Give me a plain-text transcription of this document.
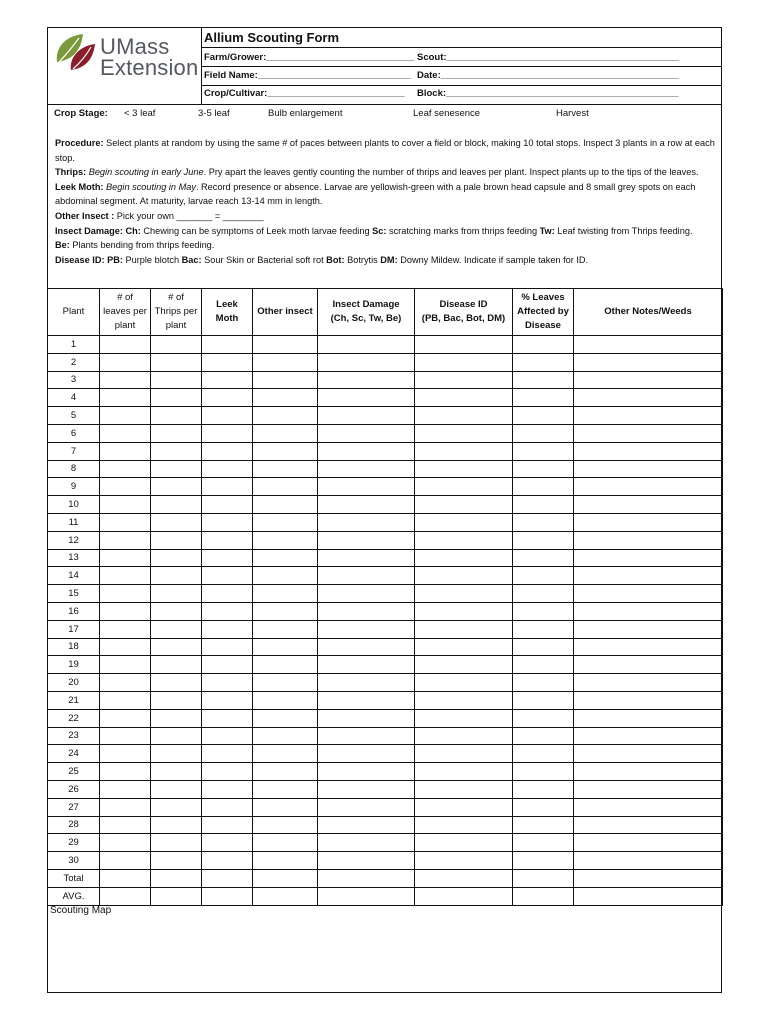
UMass
Extension
Allium Scouting Form
Farm/Grower:____________________________ Scout:____________________________________________
Field Name:_____________________________ Date:_____________________________________________
Crop/Cultivar:__________________________ Block:____________________________________________
Crop Stage: < 3 leaf	3-5 leaf	Bulb enlargement	Leaf senesence	Harvest

Procedure: Select plants at random by using the same # of paces between plants to cover a field or block, making 10 total stops. Inspect 3 plants in a row at each stop.

Thrips: Begin scouting in early June. Pry apart the leaves gently counting the number of thrips and leaves per plant. Inspect plants up to the tips of the leaves.

Leek Moth: Begin scouting in May. Record presence or absence. Larvae are yellowish-green with a pale brown head capsule and 8 small grey spots on each abdominal segment. At maturity, larvae reach 13-14 mm in length.

Other Insect : Pick your own _______ = ________

Insect Damage: Ch: Chewing can be symptoms of Leek moth larvae feeding Sc: scratching marks from thrips feeding Tw: Leaf twisting from Thrips feeding.

Be: Plants bending from thrips feeding.

Disease ID: PB: Purple blotch Bac: Sour Skin or Bacterial soft rot Bot: Botrytis DM: Downy Mildew. Indicate if sample taken for ID.

Plant	# of
leaves per
plant	# of
Thrips per
plant	Leek
Moth	Other insect	Insect Damage
(Ch, Sc, Tw, Be)	Disease ID
(PB, Bac, Bot, DM)	% Leaves
Affected by
Disease	Other Notes/Weeds
1								
2								
3								
4								
5								
6								
7								
8								
9								
10								
11								
12								
13								
14								
15								
16								
17								
18								
19								
20								
21								
22								
23								
24								
25								
26								
27								
28								
29								
30								
Total								
AVG.								
Scouting Map
